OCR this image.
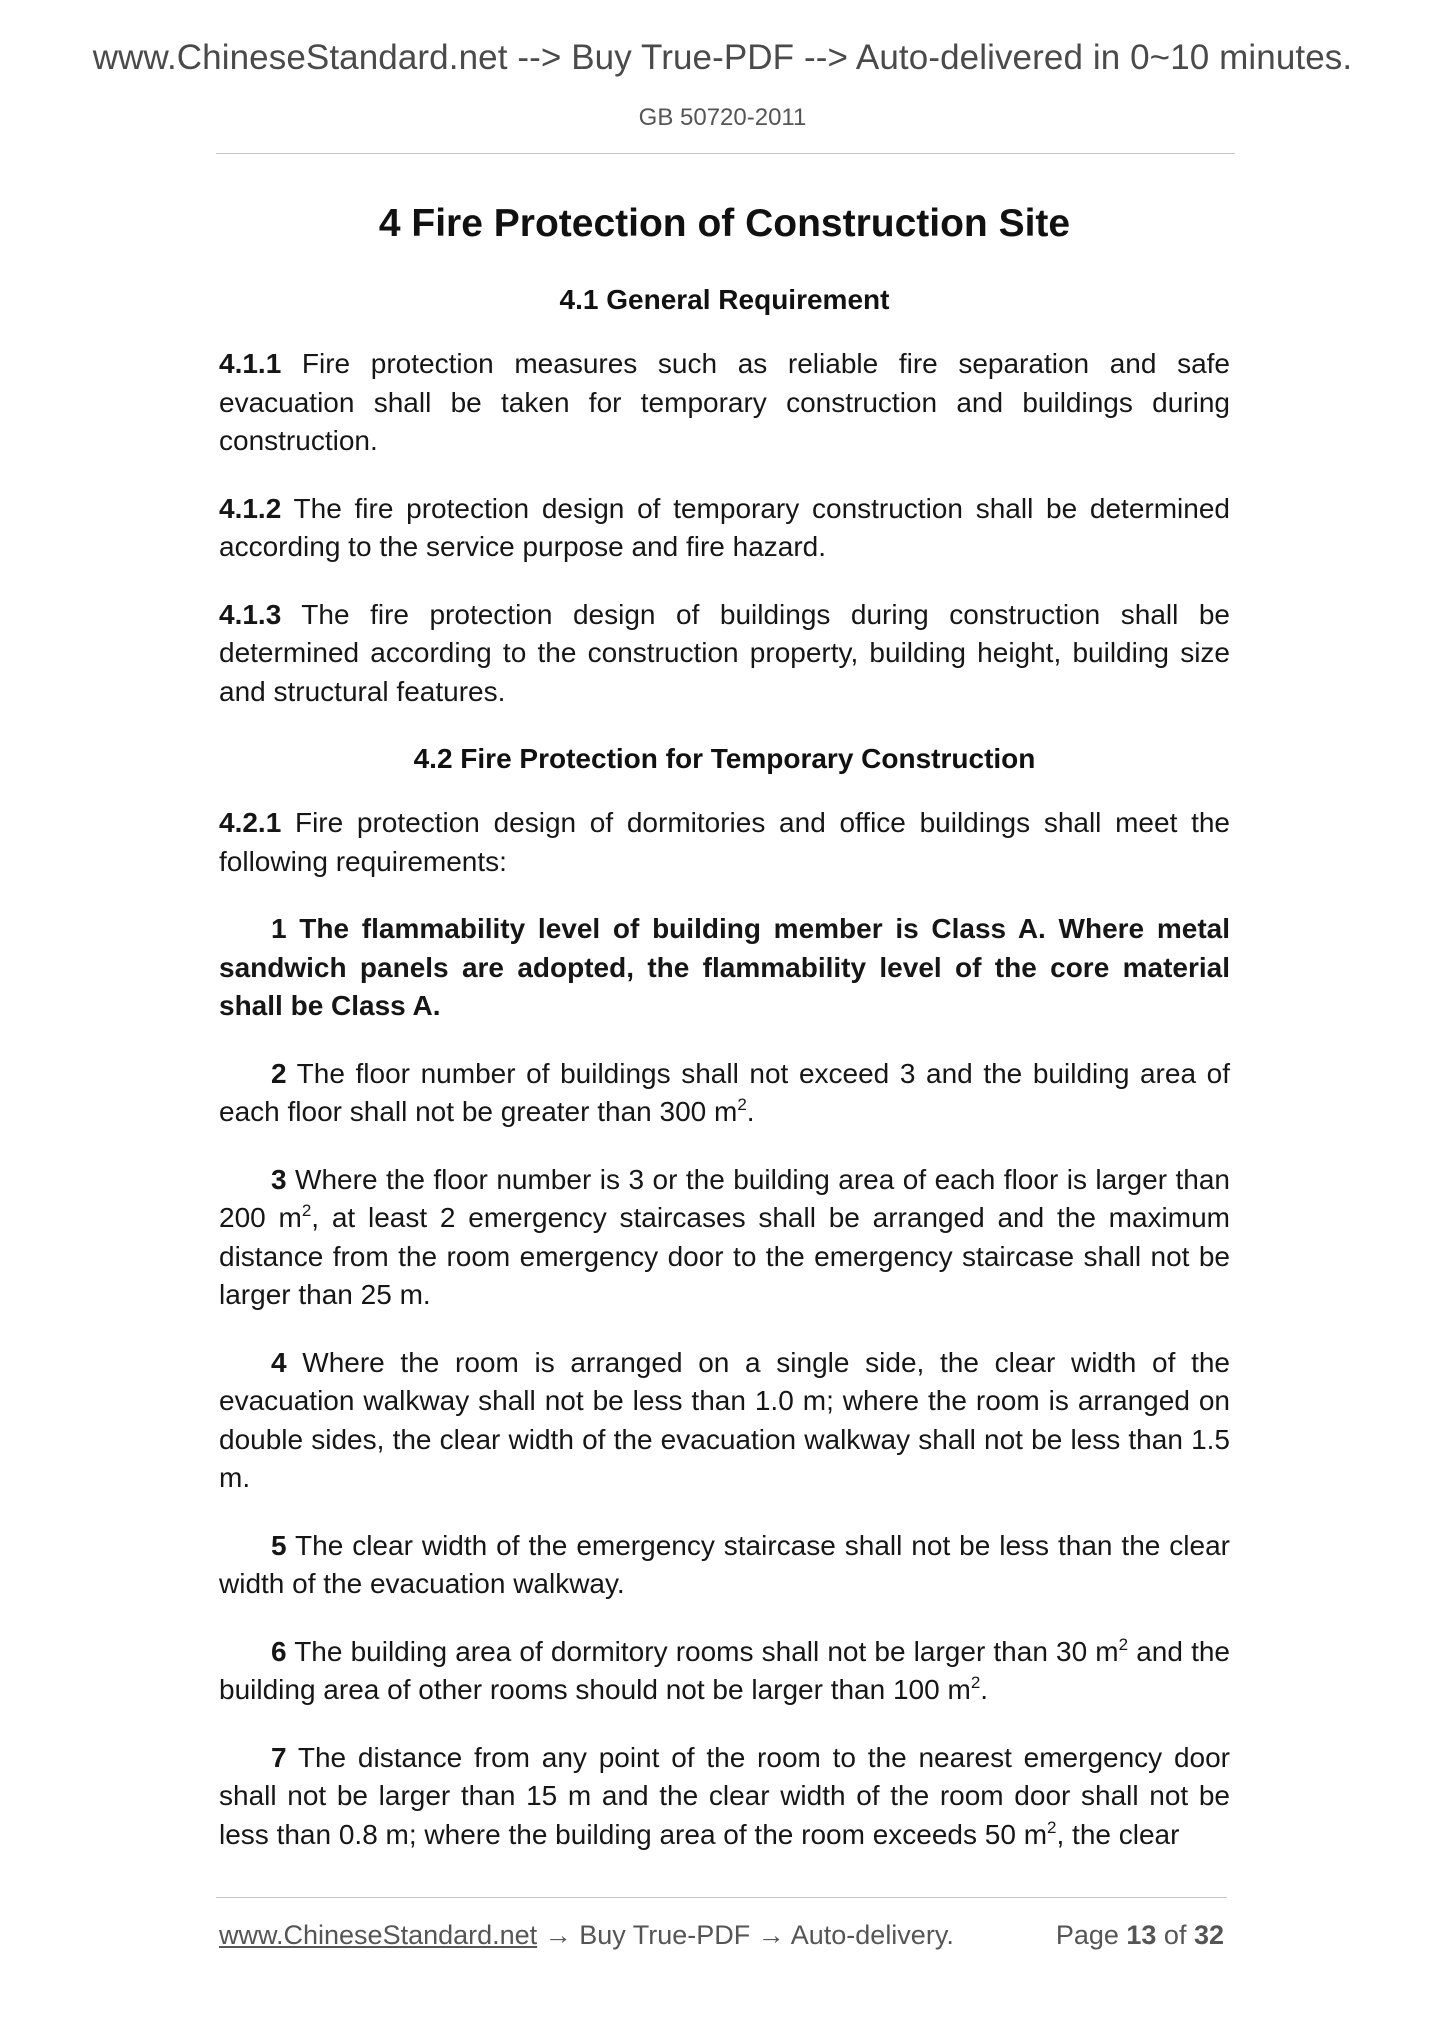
www.ChineseStandard.net --> Buy True-PDF --> Auto-delivered in 0~10 minutes.
GB 50720-2011
4 Fire Protection of Construction Site
4.1 General Requirement

4.1.1 Fire protection measures such as reliable fire separation and safe evacuation shall be taken for temporary construction and buildings during construction.

4.1.2 The fire protection design of temporary construction shall be determined according to the service purpose and fire hazard.

4.1.3 The fire protection design of buildings during construction shall be determined according to the construction property, building height, building size and structural features.

4.2 Fire Protection for Temporary Construction

4.2.1 Fire protection design of dormitories and office buildings shall meet the following requirements:

1 The flammability level of building member is Class A. Where metal sandwich panels are adopted, the flammability level of the core material shall be Class A.

2 The floor number of buildings shall not exceed 3 and the building area of each floor shall not be greater than 300 $m^2$.

3 Where the floor number is 3 or the building area of each floor is larger than 200 $m^2$, at least 2 emergency staircases shall be arranged and the maximum distance from the room emergency door to the emergency staircase shall not be larger than 25 m.

4 Where the room is arranged on a single side, the clear width of the evacuation walkway shall not be less than 1.0 m; where the room is arranged on double sides, the clear width of the evacuation walkway shall not be less than 1.5 m.

5 The clear width of the emergency staircase shall not be less than the clear width of the evacuation walkway.

6 The building area of dormitory rooms shall not be larger than 30 $m^2$ and the building area of other rooms should not be larger than 100 $m^2$.

7 The distance from any point of the room to the nearest emergency door shall not be larger than 15 m and the clear width of the room door shall not be less than 0.8 m; where the building area of the room exceeds 50 $m^2$, the clear

www.ChineseStandard.net → Buy True-PDF → Auto-delivery.	Page 13 of 32
